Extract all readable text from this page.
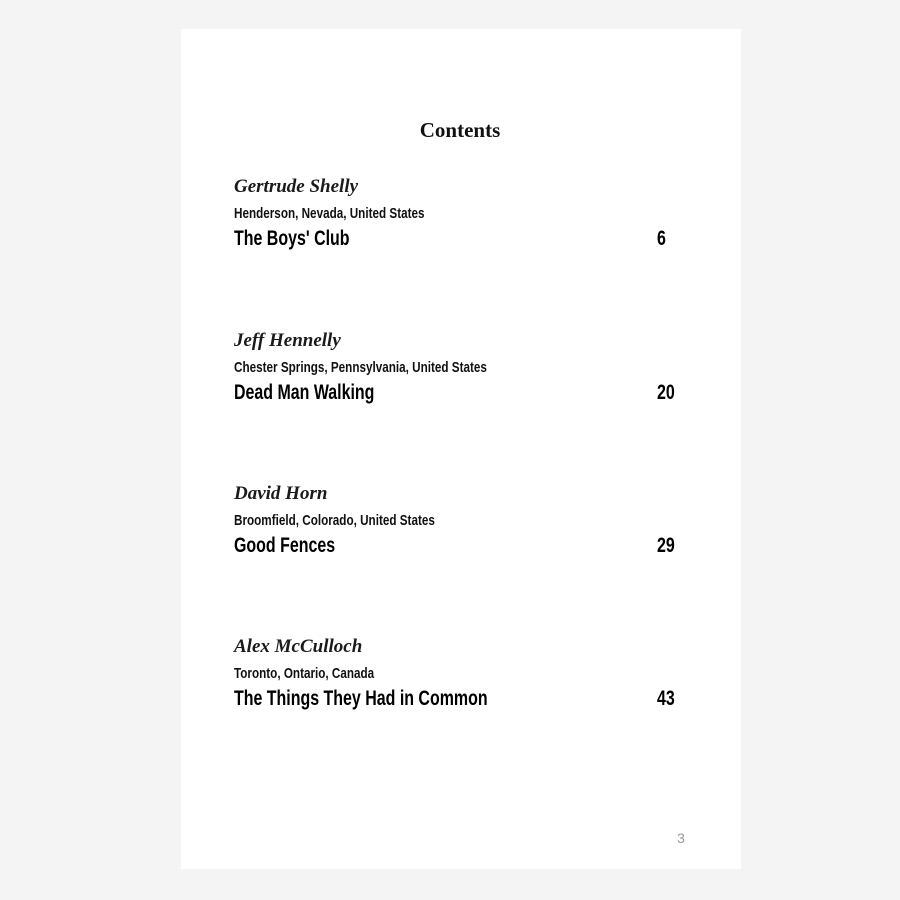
Contents
Gertrude Shelly
Henderson, Nevada, United States
The Boys' Club	6
Jeff Hennelly
Chester Springs, Pennsylvania, United States
Dead Man Walking	20
David Horn
Broomfield, Colorado, United States
Good Fences	29
Alex McCulloch
Toronto, Ontario, Canada
The Things They Had in Common	43
3
